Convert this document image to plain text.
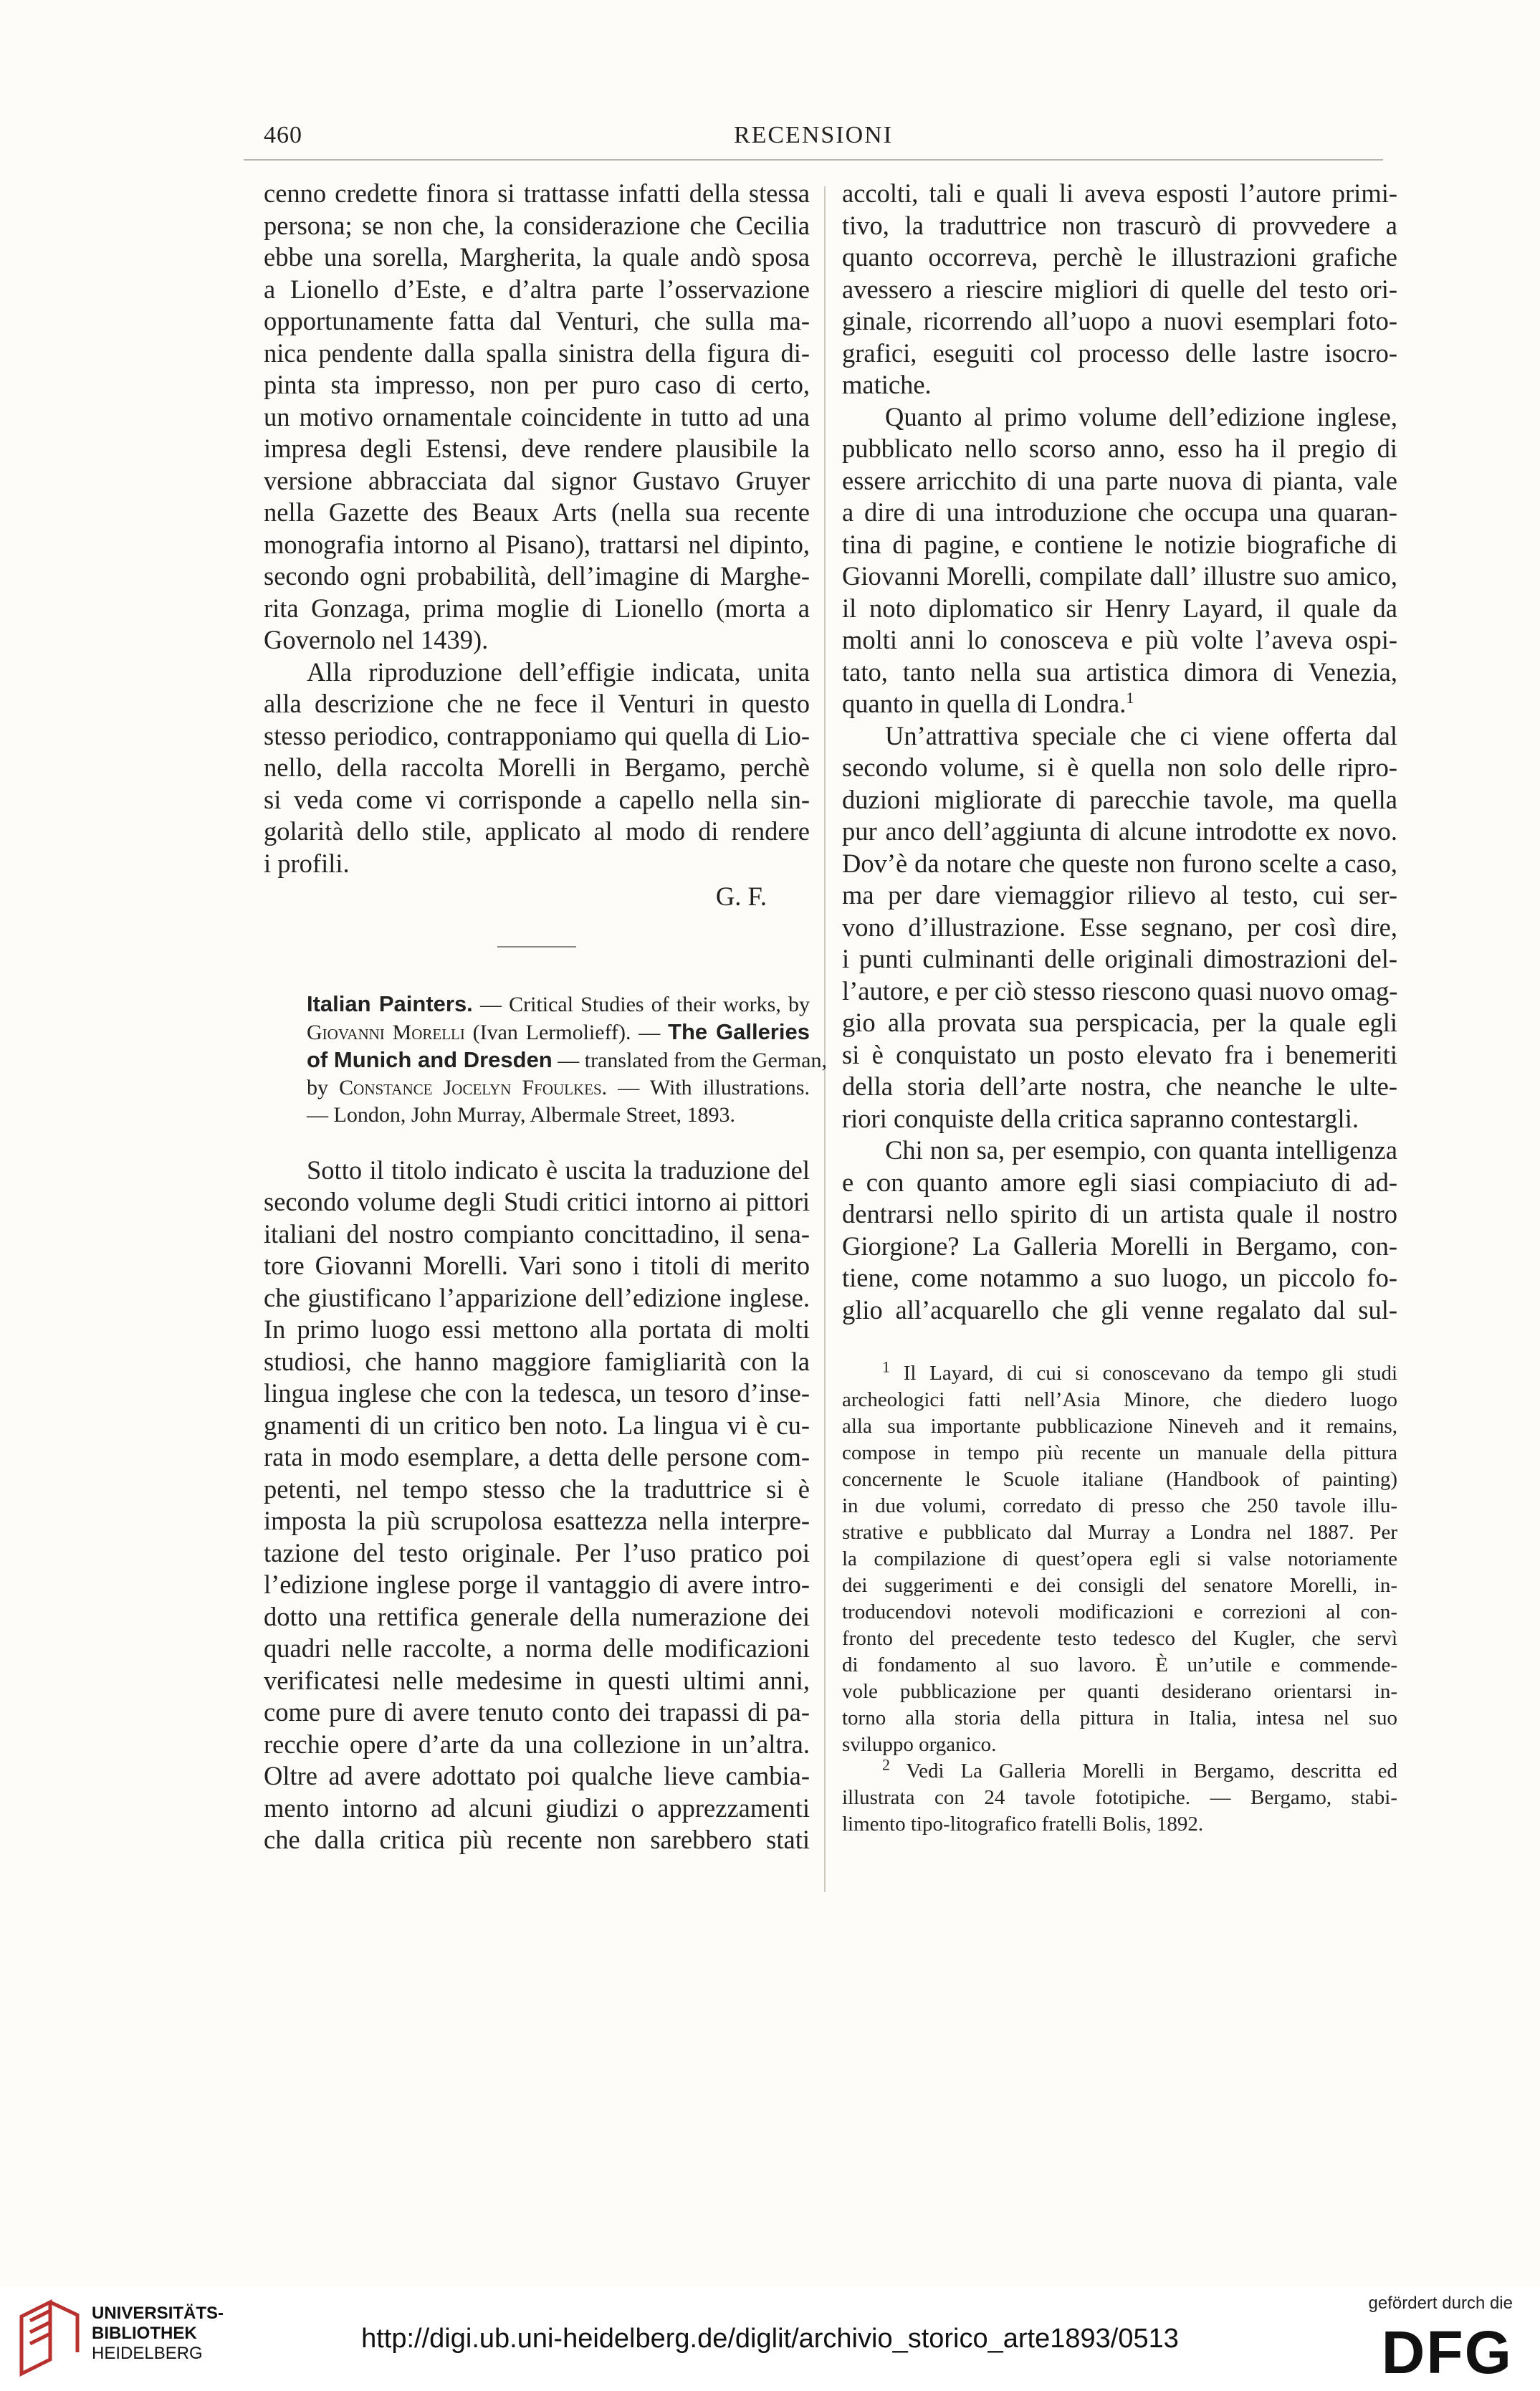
460	RECENSIONI

cenno credette finora si trattasse infatti della stessa
persona; se non che, la considerazione che Cecilia
ebbe una sorella, Margherita, la quale andò sposa
a Lionello d’Este, e d’altra parte l’osservazione
opportunamente fatta dal Venturi, che sulla ma-
nica pendente dalla spalla sinistra della figura di-
pinta sta impresso, non per puro caso di certo,
un motivo ornamentale coincidente in tutto ad una
impresa degli Estensi, deve rendere plausibile la
versione abbracciata dal signor Gustavo Gruyer
nella Gazette des Beaux Arts (nella sua recente
monografia intorno al Pisano), trattarsi nel dipinto,
secondo ogni probabilità, dell’imagine di Marghe-
rita Gonzaga, prima moglie di Lionello (morta a
Governolo nel 1439).

Alla riproduzione dell’effigie indicata, unita
alla descrizione che ne fece il Venturi in questo
stesso periodico, contrapponiamo qui quella di Lio-
nello, della raccolta Morelli in Bergamo, perchè
si veda come vi corrisponde a capello nella sin-
golarità dello stile, applicato al modo di rendere
i profili.

G. F.
Italian Painters. — Critical Studies of their works, by
Giovanni Morelli (Ivan Lermolieff). — The Galleries
of Munich and Dresden — translated from the German,
by Constance Jocelyn Ffoulkes. — With illustrations.
— London, John Murray, Albermale Street, 1893.

Sotto il titolo indicato è uscita la traduzione del
secondo volume degli Studi critici intorno ai pittori
italiani del nostro compianto concittadino, il sena-
tore Giovanni Morelli. Vari sono i titoli di merito
che giustificano l’apparizione dell’edizione inglese.
In primo luogo essi mettono alla portata di molti
studiosi, che hanno maggiore famigliarità con la
lingua inglese che con la tedesca, un tesoro d’inse-
gnamenti di un critico ben noto. La lingua vi è cu-
rata in modo esemplare, a detta delle persone com-
petenti, nel tempo stesso che la traduttrice si è
imposta la più scrupolosa esattezza nella interpre-
tazione del testo originale. Per l’uso pratico poi
l’edizione inglese porge il vantaggio di avere intro-
dotto una rettifica generale della numerazione dei
quadri nelle raccolte, a norma delle modificazioni
verificatesi nelle medesime in questi ultimi anni,
come pure di avere tenuto conto dei trapassi di pa-
recchie opere d’arte da una collezione in un’altra.
Oltre ad avere adottato poi qualche lieve cambia-
mento intorno ad alcuni giudizi o apprezzamenti
che dalla critica più recente non sarebbero stati

accolti, tali e quali li aveva esposti l’autore primi-
tivo, la traduttrice non trascurò di provvedere a
quanto occorreva, perchè le illustrazioni grafiche
avessero a riescire migliori di quelle del testo ori-
ginale, ricorrendo all’uopo a nuovi esemplari foto-
grafici, eseguiti col processo delle lastre isocro-
matiche.

Quanto al primo volume dell’edizione inglese,
pubblicato nello scorso anno, esso ha il pregio di
essere arricchito di una parte nuova di pianta, vale
a dire di una introduzione che occupa una quaran-
tina di pagine, e contiene le notizie biografiche di
Giovanni Morelli, compilate dall’ illustre suo amico,
il noto diplomatico sir Henry Layard, il quale da
molti anni lo conosceva e più volte l’aveva ospi-
tato, tanto nella sua artistica dimora di Venezia,
quanto in quella di Londra.$^1$

Un’attrattiva speciale che ci viene offerta dal
secondo volume, si è quella non solo delle ripro-
duzioni migliorate di parecchie tavole, ma quella
pur anco dell’aggiunta di alcune introdotte ex novo.
Dov’è da notare che queste non furono scelte a caso,
ma per dare viemaggior rilievo al testo, cui ser-
vono d’illustrazione. Esse segnano, per così dire,
i punti culminanti delle originali dimostrazioni del-
l’autore, e per ciò stesso riescono quasi nuovo omag-
gio alla provata sua perspicacia, per la quale egli
si è conquistato un posto elevato fra i benemeriti
della storia dell’arte nostra, che neanche le ulte-
riori conquiste della critica sapranno contestargli.

Chi non sa, per esempio, con quanta intelligenza
e con quanto amore egli siasi compiaciuto di ad-
dentrarsi nello spirito di un artista quale il nostro
Giorgione? La Galleria Morelli in Bergamo, con-
tiene, come notammo a suo luogo, un piccolo fo-
glio all’acquarello che gli venne regalato dal sul-

$^1$ Il Layard, di cui si conoscevano da tempo gli studi
archeologici fatti nell’Asia Minore, che diedero luogo
alla sua importante pubblicazione Nineveh and it remains,
compose in tempo più recente un manuale della pittura
concernente le Scuole italiane (Handbook of painting)
in due volumi, corredato di presso che 250 tavole illu-
strative e pubblicato dal Murray a Londra nel 1887. Per
la compilazione di quest’opera egli si valse notoriamente
dei suggerimenti e dei consigli del senatore Morelli, in-
troducendovi notevoli modificazioni e correzioni al con-
fronto del precedente testo tedesco del Kugler, che servì
di fondamento al suo lavoro. È un’utile e commende-
vole pubblicazione per quanti desiderano orientarsi in-
torno alla storia della pittura in Italia, intesa nel suo
sviluppo organico.
$^2$ Vedi La Galleria Morelli in Bergamo, descritta ed
illustrata con 24 tavole fototipiche. — Bergamo, stabi-
limento tipo-litografico fratelli Bolis, 1892.
UNIVERSITÄTS-
BIBLIOTHEK
HEIDELBERG	http://digi.ub.uni-heidelberg.de/diglit/archivio_storico_arte1893/0513
gefördert durch die
DFG
